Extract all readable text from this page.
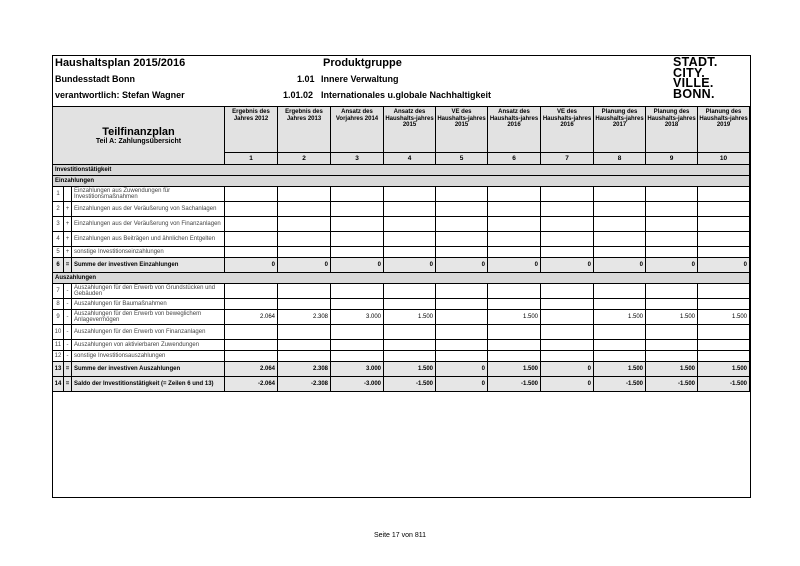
Haushaltsplan 2015/2016
Bundesstadt Bonn
verantwortlich: Stefan Wagner
Produktgruppe
1.01 Innere Verwaltung
1.01.02 Internationales u.globale Nachhaltigkeit
STADT.
CITY.
VILLE.
BONN.
Teilfinanzplan
Teil A: Zahlungsübersicht			Ergebnis des Jahres 2012	Ergebnis des Jahres 2013	Ansatz des Vorjahres 2014	Ansatz des Haushalts-jahres 2015	VE des Haushalts-jahres 2015	Ansatz des Haushalts-jahres 2016	VE des Haushalts-jahres 2016	Planung des Haushalts-jahres 2017	Planung des Haushalts-jahres 2018	Planung des Haushalts-jahres 2019
			1	2	3	4	5	6	7	8	9	10
Investitionstätigkeit												
Einzahlungen												
1		Einzahlungen aus Zuwendungen für Investitionsmaßnahmen										
2	+	Einzahlungen aus der Veräußerung von Sachanlagen										
3	+	Einzahlungen aus der Veräußerung von Finanzanlagen										
4	+	Einzahlungen aus Beiträgen und ähnlichen Entgelten										
5	+	sonstige Investitionseinzahlungen										
6	=	Summe der investiven Einzahlungen	0	0	0	0	0	0	0	0	0	0
Auszahlungen												
7	-	Auszahlungen für den Erwerb von Grundstücken und Gebäuden										
8	-	Auszahlungen für Baumaßnahmen										
9	-	Auszahlungen für den Erwerb von beweglichem Anlagevermögen	2.064	2.308	3.000	1.500		1.500		1.500	1.500	1.500
10	-	Auszahlungen für den Erwerb von Finanzanlagen										
11	-	Auszahlungen von aktivierbaren Zuwendungen										
12	-	sonstige Investitionsauszahlungen										
13	=	Summe der investiven Auszahlungen	2.064	2.308	3.000	1.500	0	1.500	0	1.500	1.500	1.500
14	=	Saldo der Investitionstätigkeit (= Zeilen 6 und 13)	-2.064	-2.308	-3.000	-1.500	0	-1.500	0	-1.500	-1.500	-1.500
Seite 17 von 811
